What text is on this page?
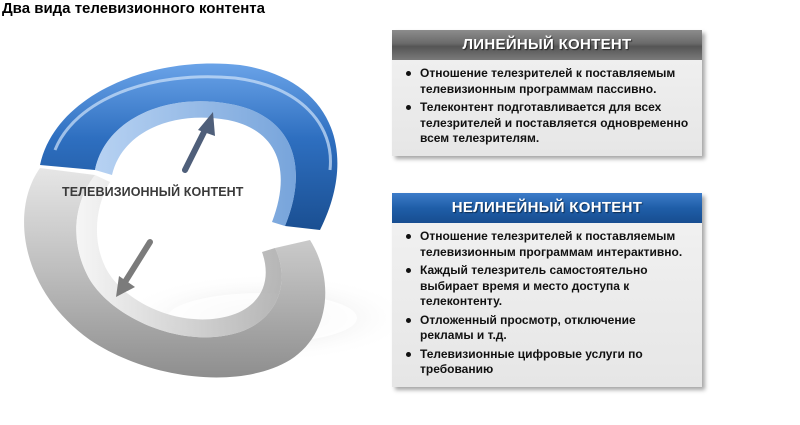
Два вида телевизионного контента
ТЕЛЕВИЗИОННЫЙ КОНТЕНТ
ЛИНЕЙНЫЙ КОНТЕНТ
Отношение телезрителей к поставляемым телевизионным программам пассивно.
Телеконтент подготавливается для всех телезрителей и поставляется одновременно всем телезрителям.
НЕЛИНЕЙНЫЙ КОНТЕНТ
Отношение телезрителей к поставляемым телевизионным программам интерактивно.
Каждый телезритель самостоятельно выбирает время и место доступа к телеконтенту.
Отложенный просмотр, отключение рекламы и т.д.
Телевизионные цифровые услуги по требованию
